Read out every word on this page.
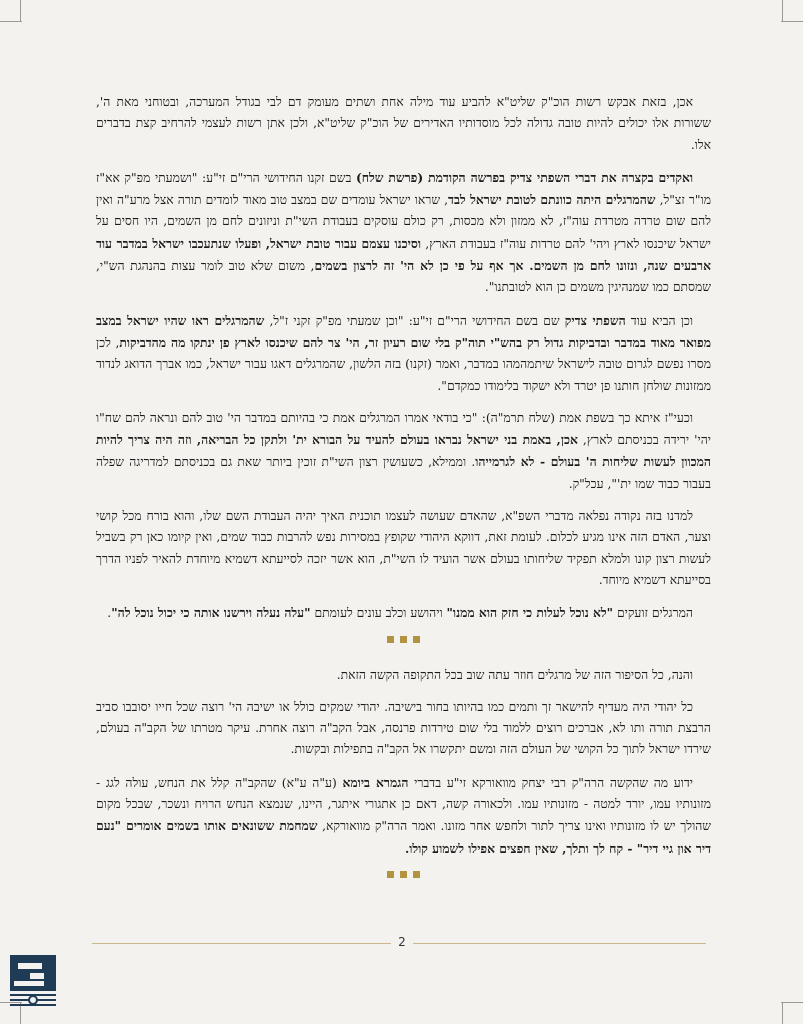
אכן, בזאת אבקש רשות הוכ"ק שליט"א להביע עוד מילה אחת ושתים מעומק דם לבי בגודל המערכה, ובטוחני מאת ה', ששורות אלו יכולים להיות טובה גדולה לכל מוסדותיו האדירים של הוכ"ק שליט"א, ולכן אתן רשות לעצמי להרחיב קצת בדברים אלו.

ואקדים בקצרה את דברי השפתי צדיק בפרשה הקודמת (פרשת שלח) בשם זקנו החידושי הרי"ם זי"ע: "ושמעתי מפ"ק אא"ז מו"ר זצ"ל, שהמרגלים היתה כוונתם לטובת ישראל לבד, שראו ישראל עומדים שם במצב טוב מאוד לומדים תורה אצל מרע"ה ואין להם שום טרדה מטרדת עוה"ז, לא ממזון ולא מכסות, רק כולם עוסקים בעבודת השי"ת וניזונים לחם מן השמים, היו חסים על ישראל שיכנסו לארץ ויהי' להם טרדות עוה"ז בעבודת הארץ, וסיכנו עצמם עבור טובת ישראל, ופעלו שנתעכבו ישראל במדבר עוד ארבעים שנה, ונזונו לחם מן השמים. אך אף על פי כן לא הי' זה לרצון בשמים, משום שלא טוב לומר עצות בהנהגת הש"י, שמסתם כמו שמנהיגין משמים כן הוא לטובתנו".

וכן הביא עוד השפתי צדיק שם בשם החידושי הרי"ם זי"ע: "וכן שמעתי מפ"ק זקני ז"ל, שהמרגלים ראו שהיו ישראל במצב מפואר מאוד במדבר ובדביקות גדול רק בהש"י תוה"ק בלי שום רעיון זר, הי' צר להם שיכנסו לארץ פן ינתקו מה מהדביקות, לכן מסרו נפשם לגרום טובה לישראל שיתמהמהו במדבר, ואמר (זקנו) בזה הלשון, שהמרגלים דאגו עבור ישראל, כמו אברך הדואג לנדוד ממזונות שולחן חותנו פן יטרד ולא ישקוד בלימודו כמקדם".

וכעי"ז איתא כך בשפת אמת (שלח תרמ"ה): "כי בודאי אמרו המרגלים אמת כי בהיותם במדבר הי' טוב להם ונראה להם שח"ו יהי' ירידה בכניסתם לארץ, אכן, באמת בני ישראל נבראו בעולם להעיד על הבורא ית' ולתקן כל הבריאה, וזה היה צריך להיות המכוון לעשות שליחות ה' בעולם - לא לגרמייהו. וממילא, כשעושין רצון השי"ת זוכין ביותר שאת גם בכניסתם למדריגה שפלה בעבור כבוד שמו ית'", עכל"ק.

למדנו בזה נקודה נפלאה מדברי השפ"א, שהאדם שעושה לעצמו תוכנית האיך יהיה העבודת השם שלו, והוא בורח מכל קושי וצער, האדם הזה אינו מגיע לכלום. לעומת זאת, דווקא היהודי שקופץ במסירות נפש להרבות כבוד שמים, ואין קיומו כאן רק בשביל לעשות רצון קונו ולמלא תפקיד שליחותו בעולם אשר הועיד לו השי"ת, הוא אשר יזכה לסייעתא דשמיא מיוחדת להאיר לפניו הדרך בסייעתא דשמיא מיוחד.

המרגלים זועקים "לא נוכל לעלות כי חזק הוא ממנו" ויהושע וכלב עונים לעומתם "עלה נעלה וירשנו אותה כי יכול נוכל לה".

והנה, כל הסיפור הזה של מרגלים חוזר עתה שוב בכל התקופה הקשה הזאת.

כל יהודי היה מעדיף להישאר זך ותמים כמו בהיותו בחור בישיבה. יהודי שמקים כולל או ישיבה הי' רוצה שכל חייו יסובבו סביב הרבצת תורה ותו לא, אברכים רוצים ללמוד בלי שום טירדות פרנסה, אבל הקב"ה רוצה אחרת. עיקר מטרתו של הקב"ה בעולם, שירדו ישראל לתוך כל הקושי של העולם הזה ומשם יתקשרו אל הקב"ה בתפילות ובקשות.

ידוע מה שהקשה הרה"ק רבי יצחק מוואורקא זי"ע בדברי הגמרא ביומא (ע"ה ע"א) שהקב"ה קלל את הנחש, עולה לגג - מזונותיו עמו, יורד למטה - מזונותיו עמו. ולכאורה קשה, דאם כן אתגורי איתגר, היינו, שנמצא הנחש הרויח ונשכר, שבכל מקום שהולך יש לו מזונותיו ואינו צריך לתור ולחפש אחר מזונו. ואמר הרה"ק מוואורקא, שמחמת ששונאים אותו בשמים אומרים "נעם דיר און גיי דיר" - קח לך ותלך, שאין חפצים אפילו לשמוע קולו.

2
